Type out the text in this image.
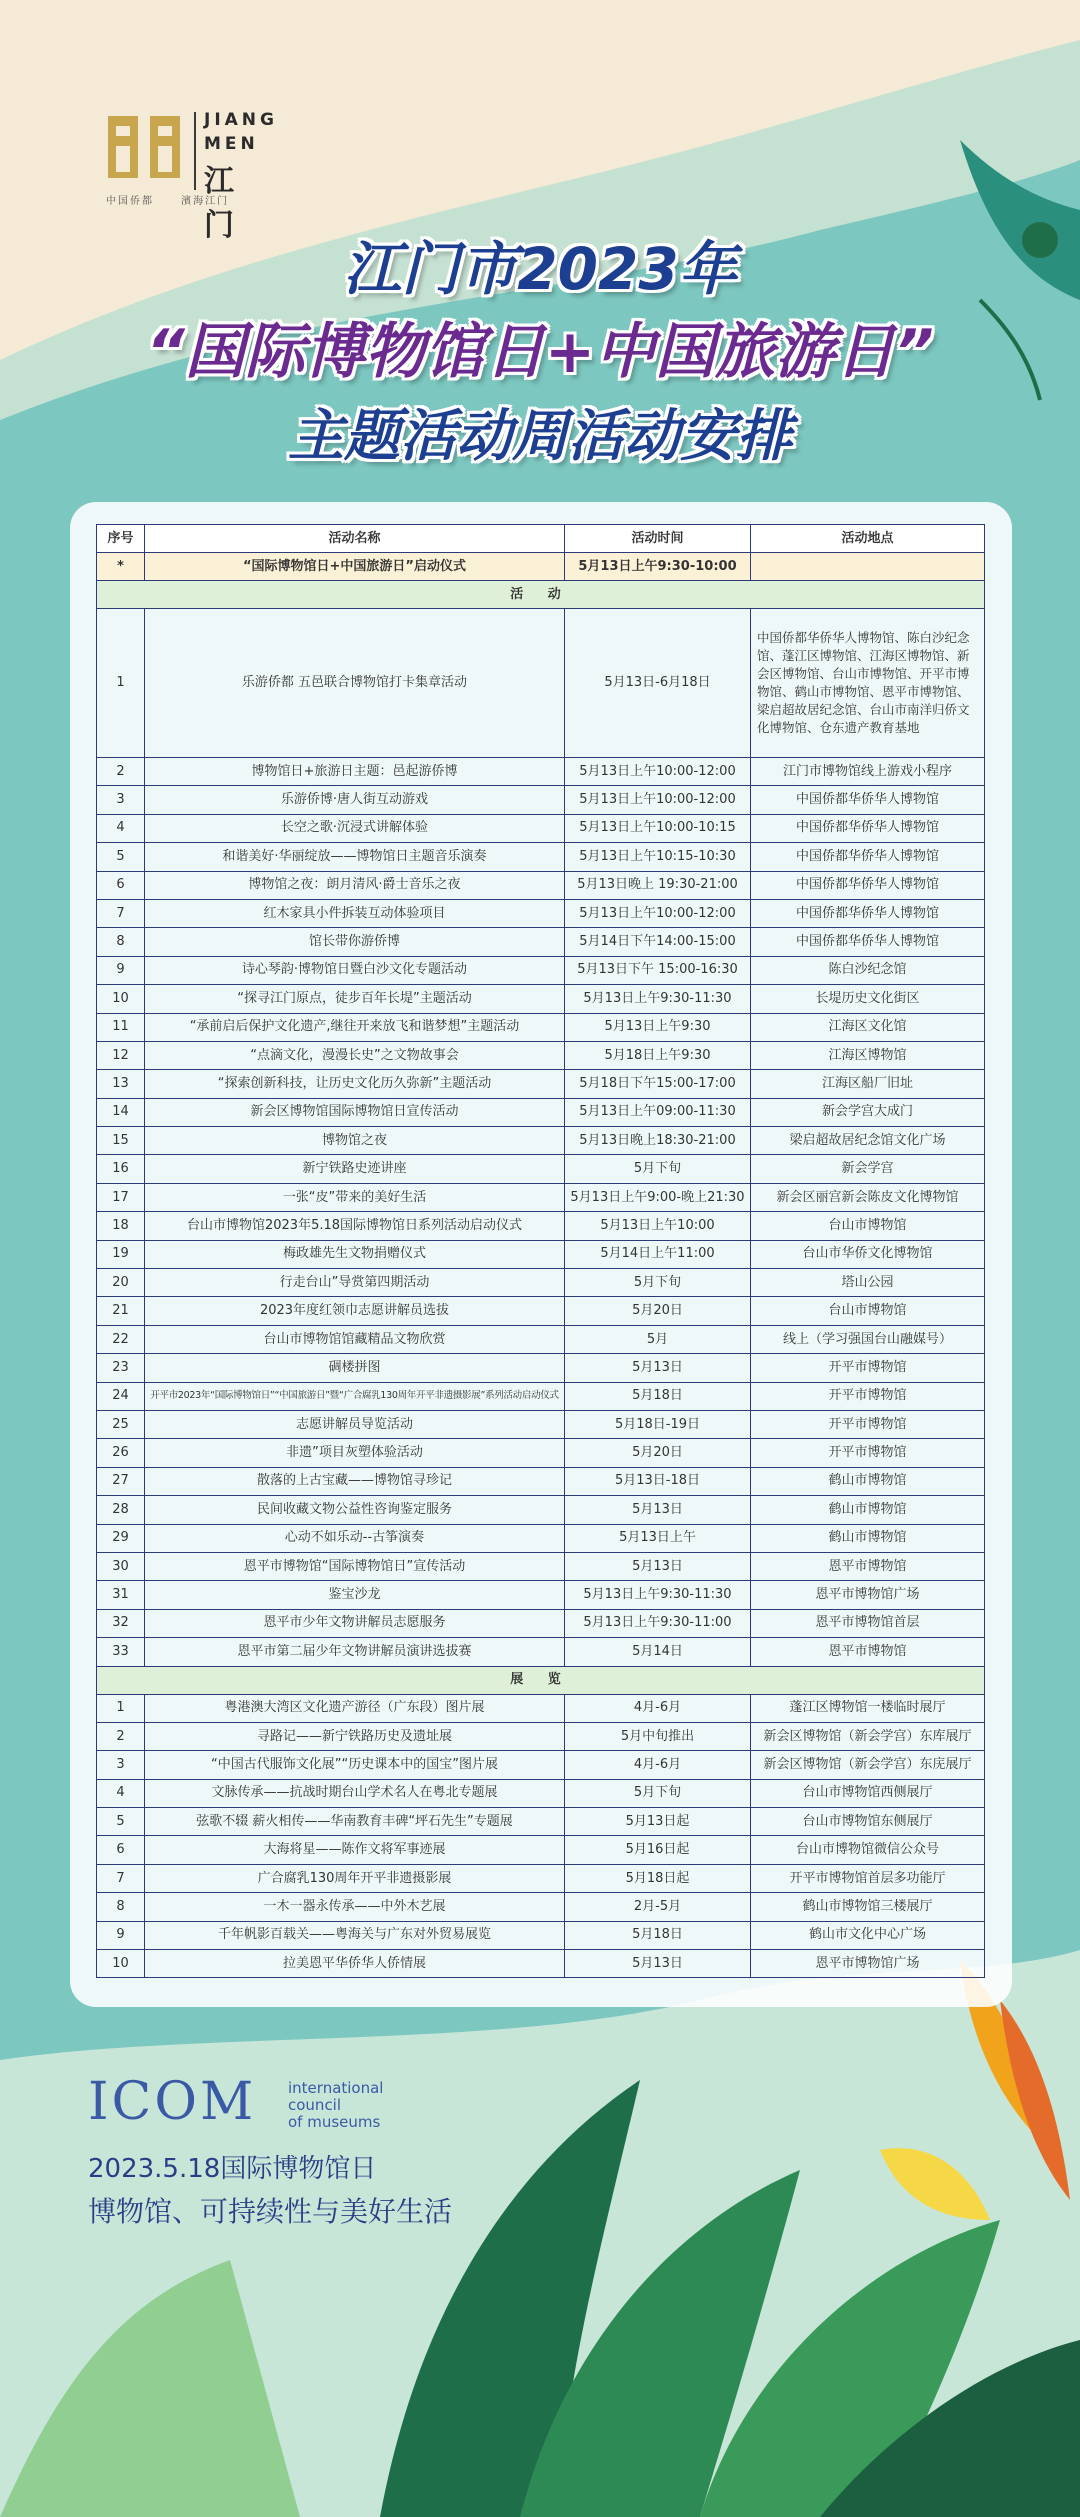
JIANG
MEN
江门
中国侨都 濱海江门
江门市2023年
“国际博物馆日+中国旅游日”
主题活动周活动安排
序号	活动名称	活动时间	活动地点
*	“国际博物馆日+中国旅游日”启动仪式	5月13日上午9:30-10:00	
活 动			
1	乐游侨都 五邑联合博物馆打卡集章活动	5月13日-6月18日	中国侨都华侨华人博物馆、陈白沙纪念馆、蓬江区博物馆、江海区博物馆、新会区博物馆、台山市博物馆、开平市博物馆、鹤山市博物馆、恩平市博物馆、梁启超故居纪念馆、台山市南洋归侨文化博物馆、仓东遗产教育基地
2	博物馆日+旅游日主题：邑起游侨博	5月13日上午10:00-12:00	江门市博物馆线上游戏小程序
3	乐游侨博·唐人街互动游戏	5月13日上午10:00-12:00	中国侨都华侨华人博物馆
4	长空之歌·沉浸式讲解体验	5月13日上午10:00-10:15	中国侨都华侨华人博物馆
5	和谐美好·华丽绽放——博物馆日主题音乐演奏	5月13日上午10:15-10:30	中国侨都华侨华人博物馆
6	博物馆之夜：朗月清风·爵士音乐之夜	5月13日晚上 19:30-21:00	中国侨都华侨华人博物馆
7	红木家具小件拆装互动体验项目	5月13日上午10:00-12:00	中国侨都华侨华人博物馆
8	馆长带你游侨博	5月14日下午14:00-15:00	中国侨都华侨华人博物馆
9	诗心琴韵·博物馆日暨白沙文化专题活动	5月13日下午 15:00-16:30	陈白沙纪念馆
10	“探寻江门原点，徒步百年长堤”主题活动	5月13日上午9:30-11:30	长堤历史文化街区
11	“承前启后保护文化遗产,继往开来放飞和谐梦想”主题活动	5月13日上午9:30	江海区文化馆
12	“点滴文化，漫漫长史”之文物故事会	5月18日上午9:30	江海区博物馆
13	“探索创新科技，让历史文化历久弥新”主题活动	5月18日下午15:00-17:00	江海区船厂旧址
14	新会区博物馆国际博物馆日宣传活动	5月13日上午09:00-11:30	新会学宫大成门
15	博物馆之夜	5月13日晚上18:30-21:00	梁启超故居纪念馆文化广场
16	新宁铁路史迹讲座	5月下旬	新会学宫
17	一张“皮”带来的美好生活	5月13日上午9:00-晚上21:30	新会区丽宫新会陈皮文化博物馆
18	台山市博物馆2023年5.18国际博物馆日系列活动启动仪式	5月13日上午10:00	台山市博物馆
19	梅政雄先生文物捐赠仪式	5月14日上午11:00	台山市华侨文化博物馆
20	行走台山”导赏第四期活动	5月下旬	塔山公园
21	2023年度红领巾志愿讲解员选拔	5月20日	台山市博物馆
22	台山市博物馆馆藏精品文物欣赏	5月	线上（学习强国台山融媒号）
23	碉楼拼图	5月13日	开平市博物馆
24	开平市2023年“国际博物馆日”“中国旅游日”暨“广合腐乳130周年开平非遗摄影展”系列活动启动仪式	5月18日	开平市博物馆
25	志愿讲解员导览活动	5月18日-19日	开平市博物馆
26	非遗”项目灰塑体验活动	5月20日	开平市博物馆
27	散落的上古宝藏——博物馆寻珍记	5月13日-18日	鹤山市博物馆
28	民间收藏文物公益性咨询鉴定服务	5月13日	鹤山市博物馆
29	心动不如乐动--古筝演奏	5月13日上午	鹤山市博物馆
30	恩平市博物馆“国际博物馆日”宣传活动	5月13日	恩平市博物馆
31	鉴宝沙龙	5月13日上午9:30-11:30	恩平市博物馆广场
32	恩平市少年文物讲解员志愿服务	5月13日上午9:30-11:00	恩平市博物馆首层
33	恩平市第二届少年文物讲解员演讲选拔赛	5月14日	恩平市博物馆
展 览			
1	粤港澳大湾区文化遗产游径（广东段）图片展	4月-6月	蓬江区博物馆一楼临时展厅
2	寻路记——新宁铁路历史及遗址展	5月中旬推出	新会区博物馆（新会学宫）东库展厅
3	“中国古代服饰文化展”“历史课本中的国宝”图片展	4月-6月	新会区博物馆（新会学宫）东庑展厅
4	文脉传承——抗战时期台山学术名人在粤北专题展	5月下旬	台山市博物馆西侧展厅
5	弦歌不辍 薪火相传——华南教育丰碑“坪石先生”专题展	5月13日起	台山市博物馆东侧展厅
6	大海将星——陈作文将军事迹展	5月16日起	台山市博物馆微信公众号
7	广合腐乳130周年开平非遗摄影展	5月18日起	开平市博物馆首层多功能厅
8	一木一器永传承——中外木艺展	2月-5月	鹤山市博物馆三楼展厅
9	千年帆影百载关——粤海关与广东对外贸易展览	5月18日	鹤山市文化中心广场
10	拉美恩平华侨华人侨情展	5月13日	恩平市博物馆广场
ICOM international
council
of museums
2023.5.18国际博物馆日
博物馆、可持续性与美好生活
